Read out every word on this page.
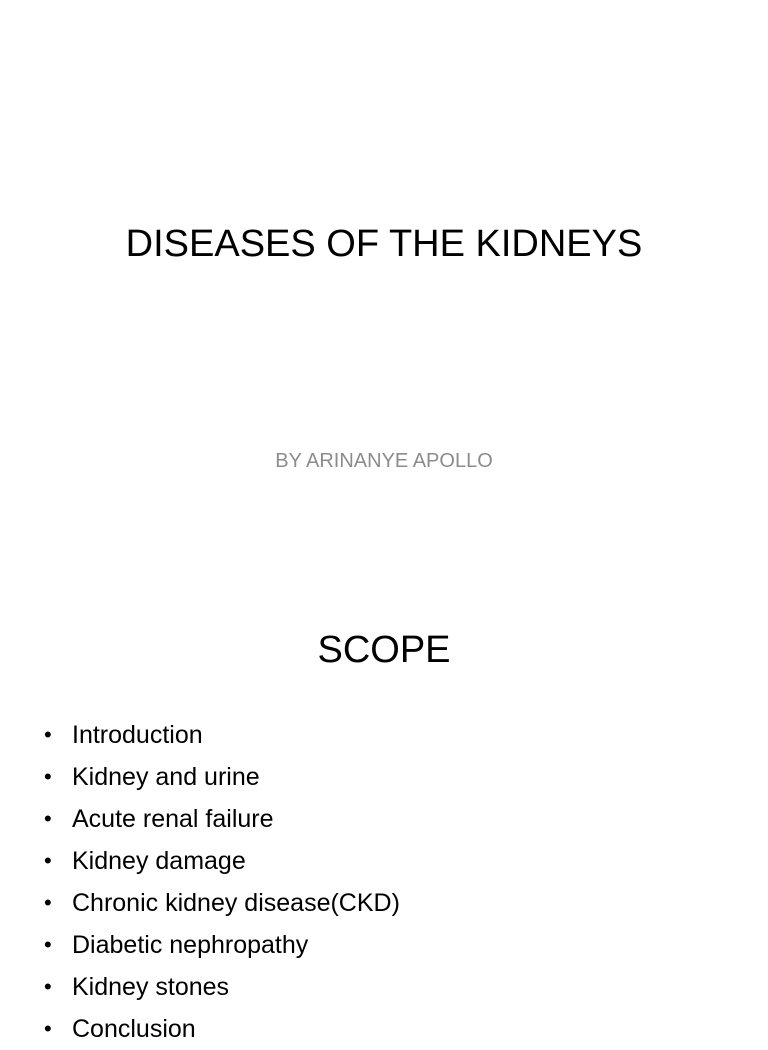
DISEASES OF THE KIDNEYS
BY ARINANYE APOLLO
SCOPE
• Introduction
• Kidney and urine
• Acute renal failure
• Kidney damage
• Chronic kidney disease(CKD)
• Diabetic nephropathy
• Kidney stones
• Conclusion
